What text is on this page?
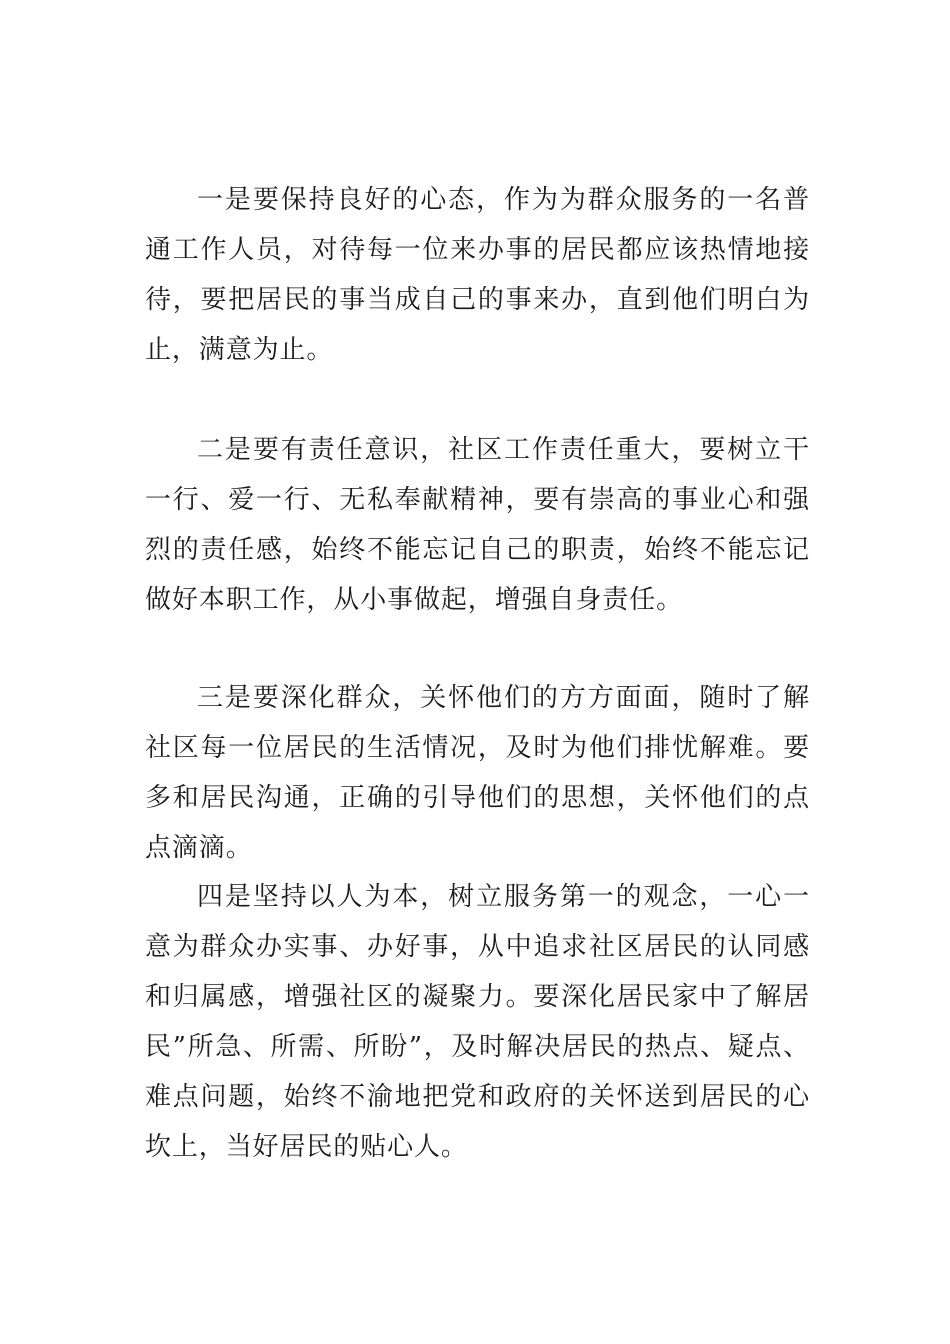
一是要保持良好的心态，作为为群众服务的一名普通工作人员，对待每一位来办事的居民都应该热情地接待，要把居民的事当成自己的事来办，直到他们明白为止，满意为止。

二是要有责任意识，社区工作责任重大，要树立干一行、爱一行、无私奉献精神，要有崇高的事业心和强烈的责任感，始终不能忘记自己的职责，始终不能忘记做好本职工作，从小事做起，增强自身责任。

三是要深化群众，关怀他们的方方面面，随时了解社区每一位居民的生活情况，及时为他们排忧解难。要多和居民沟通，正确的引导他们的思想，关怀他们的点点滴滴。

四是坚持以人为本，树立服务第一的观念，一心一意为群众办实事、办好事，从中追求社区居民的认同感和归属感，增强社区的凝聚力。要深化居民家中了解居民”所急、所需、所盼”，及时解决居民的热点、疑点、难点问题，始终不渝地把党和政府的关怀送到居民的心坎上，当好居民的贴心人。
